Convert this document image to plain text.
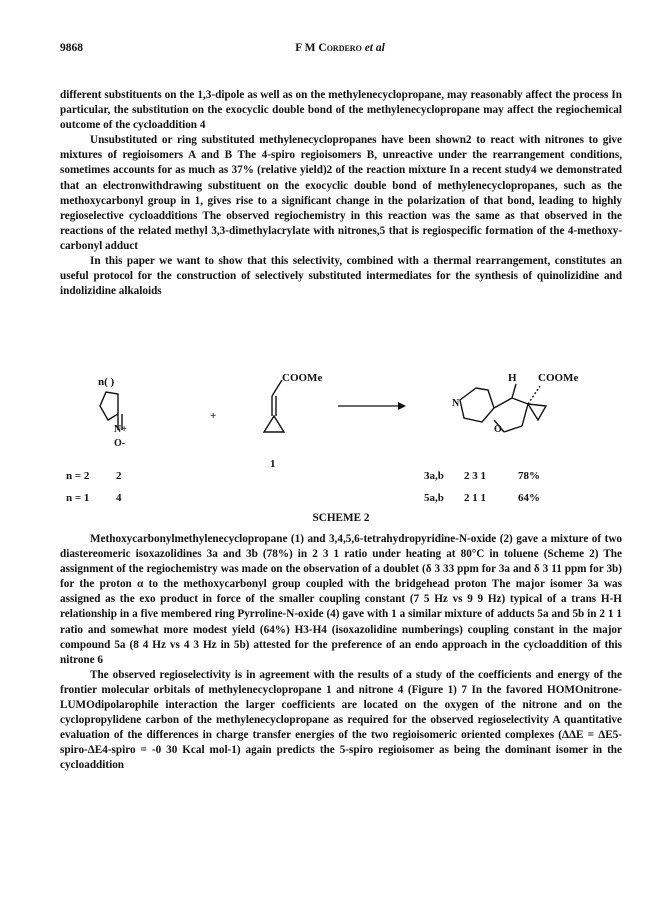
9868	F M Cordero et al

different substituents on the 1,3-dipole as well as on the methylenecyclopropane, may reasonably affect the process In particular, the substitution on the exocyclic double bond of the methylenecyclopropane may affect the regiochemical outcome of the cycloaddition 4

Unsubstituted or ring substituted methylenecyclopropanes have been shown2 to react with nitrones to give mixtures of regioisomers A and B The 4-spiro regioisomers B, unreactive under the rearrangement conditions, sometimes accounts for as much as 37% (relative yield)2 of the reaction mixture In a recent study4 we demonstrated that an electronwithdrawing substituent on the exocyclic double bond of methylenecyclopropanes, such as the methoxycarbonyl group in 1, gives rise to a significant change in the polarization of that bond, leading to highly regioselective cycloadditions The observed regiochemistry in this reaction was the same as that observed in the reactions of the related methyl 3,3-dimethylacrylate with nitrones,5 that is regiospecific formation of the 4-methoxy-carbonyl adduct

In this paper we want to show that this selectivity, combined with a thermal rearrangement, constitutes an useful protocol for the construction of selectively substituted intermediates for the synthesis of quinolizidine and indolizidine alkaloids

n( )
N+
O-
+
COOMe
N
O
H COOMe
1
n = 2 2	3a,b 2 3 1	78%
n = 1 4	5a,b 2 1 1	64%
SCHEME 2

Methoxycarbonylmethylenecyclopropane (1) and 3,4,5,6-tetrahydropyridine-N-oxide (2) gave a mixture of two diastereomeric isoxazolidines 3a and 3b (78%) in 2 3 1 ratio under heating at 80°C in toluene (Scheme 2) The assignment of the regiochemistry was made on the observation of a doublet (δ 3 33 ppm for 3a and δ 3 11 ppm for 3b) for the proton α to the methoxycarbonyl group coupled with the bridgehead proton The major isomer 3a was assigned as the exo product in force of the smaller coupling constant (7 5 Hz vs 9 9 Hz) typical of a trans H-H relationship in a five membered ring Pyrroline-N-oxide (4) gave with 1 a similar mixture of adducts 5a and 5b in 2 1 1 ratio and somewhat more modest yield (64%) H3-H4 (isoxazolidine numberings) coupling constant in the major compound 5a (8 4 Hz vs 4 3 Hz in 5b) attested for the preference of an endo approach in the cycloaddition of this nitrone 6

The observed regioselectivity is in agreement with the results of a study of the coefficients and energy of the frontier molecular orbitals of methylenecyclopropane 1 and nitrone 4 (Figure 1) 7 In the favored HOMOnitrone-LUMOdipolarophile interaction the larger coefficients are located on the oxygen of the nitrone and on the cyclopropylidene carbon of the methylenecyclopropane as required for the observed regioselectivity A quantitative evaluation of the differences in charge transfer energies of the two regioisomeric oriented complexes (ΔΔE = ΔE5-spiro-ΔE4-spiro = -0 30 Kcal mol-1) again predicts the 5-spiro regioisomer as being the dominant isomer in the cycloaddition
